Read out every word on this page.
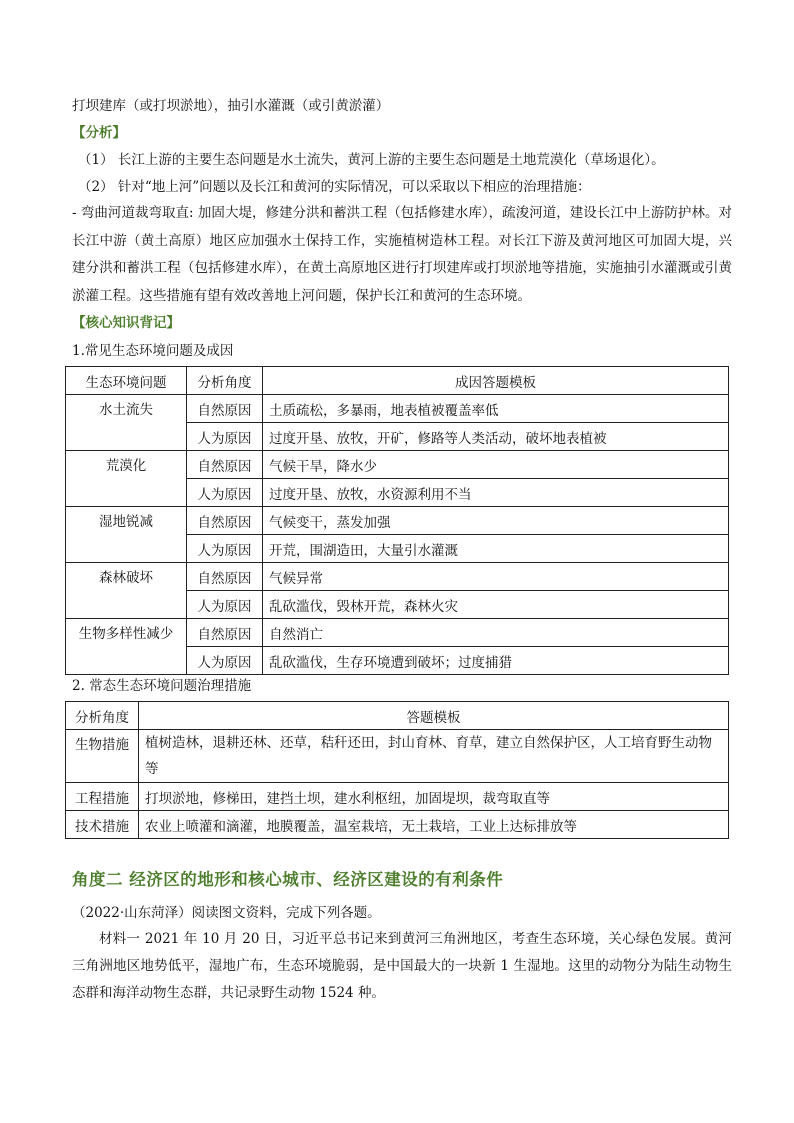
打坝建库（或打坝淤地），抽引水灌溉（或引黄淤灌）
【分析】
（1） 长江上游的主要生态问题是水土流失，黄河上游的主要生态问题是土地荒漠化（草场退化）。
（2） 针对“地上河”问题以及长江和黄河的实际情况，可以采取以下相应的治理措施：
- 弯曲河道裁弯取直: 加固大堤，修建分洪和蓄洪工程（包括修建水库），疏浚河道，建设长江中上游防护林。对长江中游（黄土高原）地区应加强水土保持工作，实施植树造林工程。对长江下游及黄河地区可加固大堤，兴建分洪和蓄洪工程（包括修建水库），在黄土高原地区进行打坝建库或打坝淤地等措施，实施抽引水灌溉或引黄淤灌工程。这些措施有望有效改善地上河问题，保护长江和黄河的生态环境。
【核心知识背记】
1.常见生态环境问题及成因
生态环境问题	分析角度	成因答题模板
水土流失	自然原因	土质疏松，多暴雨，地表植被覆盖率低
	人为原因	过度开垦、放牧，开矿，修路等人类活动，破坏地表植被
荒漠化	自然原因	气候干旱，降水少
	人为原因	过度开垦、放牧，水资源利用不当
湿地锐减	自然原因	气候变干，蒸发加强
	人为原因	开荒，围湖造田，大量引水灌溉
森林破坏	自然原因	气候异常
	人为原因	乱砍滥伐，毁林开荒，森林火灾
生物多样性减少	自然原因	自然消亡
	人为原因	乱砍滥伐，生存环境遭到破坏；过度捕猎
2. 常态生态环境问题治理措施
分析角度	答题模板
生物措施	植树造林，退耕还林、还草，秸秆还田，封山育林、育草，建立自然保护区，人工培育野生动物等
工程措施	打坝淤地，修梯田，建挡土坝，建水利枢纽，加固堤坝，裁弯取直等
技术措施	农业上喷灌和滴灌，地膜覆盖，温室栽培，无土栽培，工业上达标排放等
角度二 经济区的地形和核心城市、经济区建设的有利条件
（2022·山东菏泽）阅读图文资料，完成下列各题。
材料一 2021 年 10 月 20 日，习近平总书记来到黄河三角洲地区，考查生态环境，关心绿色发展。黄河三角洲地区地势低平，湿地广布，生态环境脆弱，是中国最大的一块新 1 生湿地。这里的动物分为陆生动物生态群和海洋动物生态群，共记录野生动物 1524 种。
